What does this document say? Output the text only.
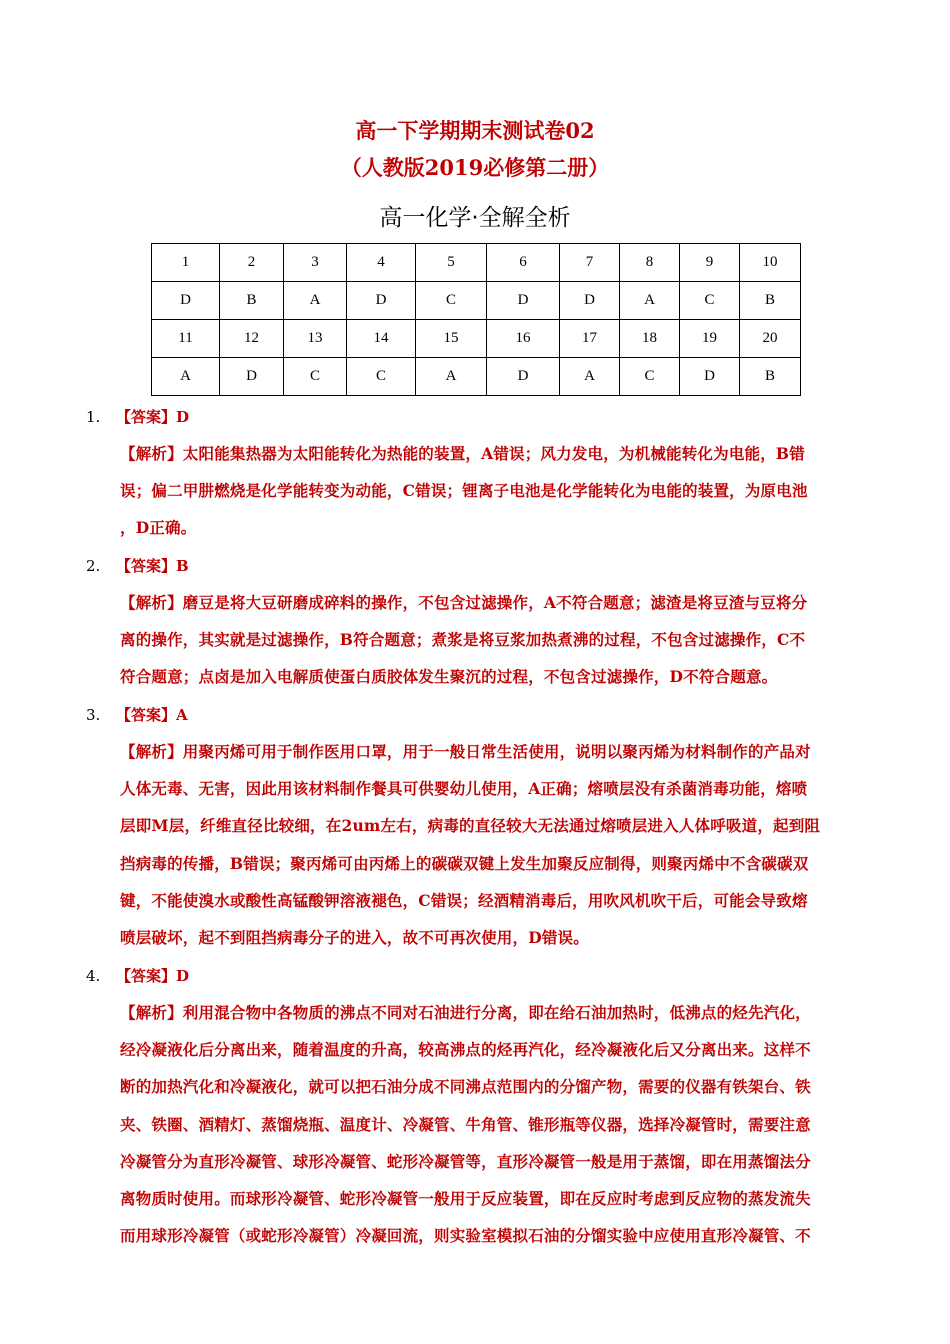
高一下学期期末测试卷02
（人教版2019必修第二册）
高一化学·全解全析
1	2	3	4	5	6	7	8	9	10
D	B	A	D	C	D	D	A	C	B
11	12	13	14	15	16	17	18	19	20
A	D	C	C	A	D	A	C	D	B
1. 【答案】D
【解析】太阳能集热器为太阳能转化为热能的装置，A错误；风力发电，为机械能转化为电能，B错
误；偏二甲肼燃烧是化学能转变为动能，C错误；锂离子电池是化学能转化为电能的装置，为原电池
，D正确。
2. 【答案】B
【解析】磨豆是将大豆研磨成碎料的操作，不包含过滤操作，A不符合题意；滤渣是将豆渣与豆将分
离的操作，其实就是过滤操作，B符合题意；煮浆是将豆浆加热煮沸的过程，不包含过滤操作，C不
符合题意；点卤是加入电解质使蛋白质胶体发生聚沉的过程，不包含过滤操作，D不符合题意。
3. 【答案】A
【解析】用聚丙烯可用于制作医用口罩，用于一般日常生活使用，说明以聚丙烯为材料制作的产品对
人体无毒、无害，因此用该材料制作餐具可供婴幼儿使用，A正确；熔喷层没有杀菌消毒功能，熔喷
层即M层，纤维直径比较细，在2um左右，病毒的直径较大无法通过熔喷层进入人体呼吸道，起到阻
挡病毒的传播，B错误；聚丙烯可由丙烯上的碳碳双键上发生加聚反应制得，则聚丙烯中不含碳碳双
键，不能使溴水或酸性高锰酸钾溶液褪色，C错误；经酒精消毒后，用吹风机吹干后，可能会导致熔
喷层破坏，起不到阻挡病毒分子的进入，故不可再次使用，D错误。
4. 【答案】D
【解析】利用混合物中各物质的沸点不同对石油进行分离，即在给石油加热时，低沸点的烃先汽化，
经冷凝液化后分离出来，随着温度的升高，较高沸点的烃再汽化，经冷凝液化后又分离出来。这样不
断的加热汽化和冷凝液化，就可以把石油分成不同沸点范围内的分馏产物，需要的仪器有铁架台、铁
夹、铁圈、酒精灯、蒸馏烧瓶、温度计、冷凝管、牛角管、锥形瓶等仪器，选择冷凝管时，需要注意
冷凝管分为直形冷凝管、球形冷凝管、蛇形冷凝管等，直形冷凝管一般是用于蒸馏，即在用蒸馏法分
离物质时使用。而球形冷凝管、蛇形冷凝管一般用于反应装置，即在反应时考虑到反应物的蒸发流失
而用球形冷凝管（或蛇形冷凝管）冷凝回流，则实验室模拟石油的分馏实验中应使用直形冷凝管、不
